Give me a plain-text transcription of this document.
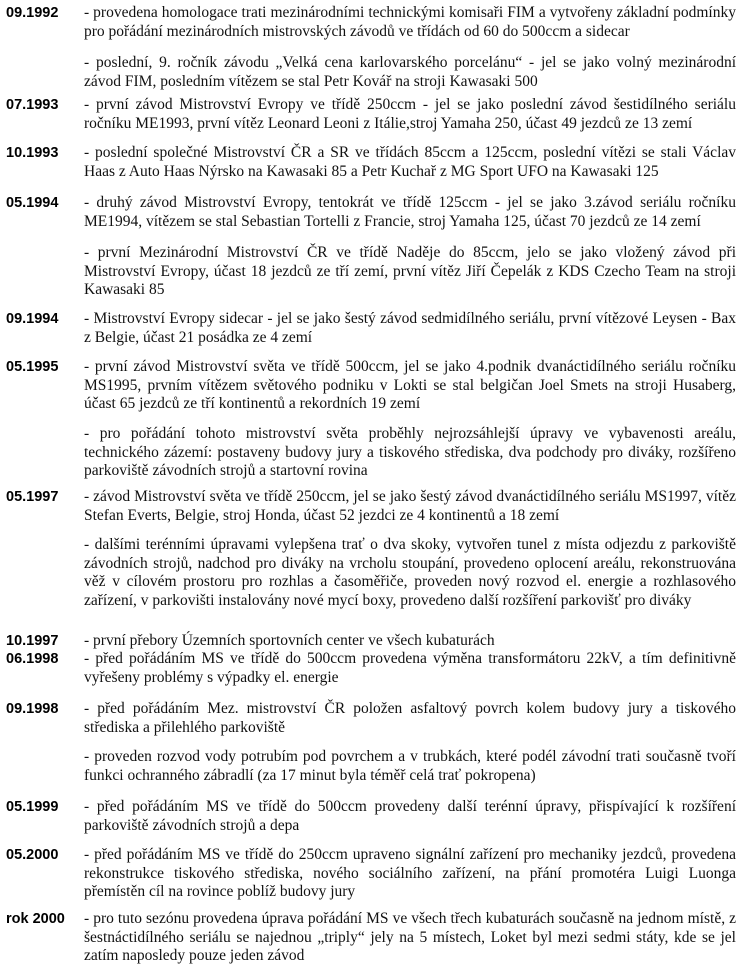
09.1992 - provedena homologace trati mezinárodními technickými komisaři FIM a vytvořeny základní podmínky pro pořádání mezinárodních mistrovských závodů ve třídách od 60 do 500ccm a sidecar

- poslední, 9. ročník závodu „Velká cena karlovarského porcelánu“ - jel se jako volný mezinárodní závod FIM, posledním vítězem se stal Petr Kovář na stroji Kawasaki 500

07.1993 - první závod Mistrovství Evropy ve třídě 250ccm - jel se jako poslední závod šestidílného seriálu ročníku ME1993, první vítěz Leonard Leoni z Itálie,stroj Yamaha 250, účast 49 jezdců ze 13 zemí

10.1993 - poslední společné Mistrovství ČR a SR ve třídách 85ccm a 125ccm, poslední vítězi se stali Václav Haas z Auto Haas Nýrsko na Kawasaki 85 a Petr Kuchař z MG Sport UFO na Kawasaki 125

05.1994 - druhý závod Mistrovství Evropy, tentokrát ve třídě 125ccm - jel se jako 3.závod seriálu ročníku ME1994, vítězem se stal Sebastian Tortelli z Francie, stroj Yamaha 125, účast 70 jezdců ze 14 zemí

- první Mezinárodní Mistrovství ČR ve třídě Naděje do 85ccm, jelo se jako vložený závod při Mistrovství Evropy, účast 18 jezdců ze tří zemí, první vítěz Jiří Čepelák z KDS Czecho Team na stroji Kawasaki 85

09.1994 - Mistrovství Evropy sidecar - jel se jako šestý závod sedmidílného seriálu, první vítězové Leysen - Bax z Belgie, účast 21 posádka ze 4 zemí

05.1995 - první závod Mistrovství světa ve třídě 500ccm, jel se jako 4.podnik dvanáctidílného seriálu ročníku MS1995, prvním vítězem světového podniku v Lokti se stal belgičan Joel Smets na stroji Husaberg, účast 65 jezdců ze tří kontinentů a rekordních 19 zemí

- pro pořádání tohoto mistrovství světa proběhly nejrozsáhlejší úpravy ve vybavenosti areálu, technického zázemí: postaveny budovy jury a tiskového střediska, dva podchody pro diváky, rozšířeno parkoviště závodních strojů a startovní rovina

05.1997 - závod Mistrovství světa ve třídě 250ccm, jel se jako šestý závod dvanáctidílného seriálu MS1997, vítěz Stefan Everts, Belgie, stroj Honda, účast 52 jezdci ze 4 kontinentů a 18 zemí

- dalšími terénními úpravami vylepšena trať o dva skoky, vytvořen tunel z místa odjezdu z parkoviště závodních strojů, nadchod pro diváky na vrcholu stoupání, provedeno oplocení areálu, rekonstruována věž v cílovém prostoru pro rozhlas a časoměřiče, proveden nový rozvod el. energie a rozhlasového zařízení, v parkovišti instalovány nové mycí boxy, provedeno další rozšíření parkovišť pro diváky

10.1997 - první přebory Územních sportovních center ve všech kubaturách

06.1998 - před pořádáním MS ve třídě do 500ccm provedena výměna transformátoru 22kV, a tím definitivně vyřešeny problémy s výpadky el. energie

09.1998 - před pořádáním Mez. mistrovství ČR položen asfaltový povrch kolem budovy jury a tiskového střediska a přilehlého parkoviště

- proveden rozvod vody potrubím pod povrchem a v trubkách, které podél závodní trati současně tvoří funkci ochranného zábradlí (za 17 minut byla téměř celá trať pokropena)

05.1999 - před pořádáním MS ve třídě do 500ccm provedeny další terénní úpravy, přispívající k rozšíření parkoviště závodních strojů a depa

05.2000 - před pořádáním MS ve třídě do 250ccm upraveno signální zařízení pro mechaniky jezdců, provedena rekonstrukce tiskového střediska, nového sociálního zařízení, na přání promotéra Luigi Luonga přemístěn cíl na rovince poblíž budovy jury

rok 2000 - pro tuto sezónu provedena úprava pořádání MS ve všech třech kubaturách současně na jednom místě, z šestnáctidílného seriálu se najednou „triply“ jely na 5 místech, Loket byl mezi sedmi státy, kde se jel zatím naposledy pouze jeden závod
